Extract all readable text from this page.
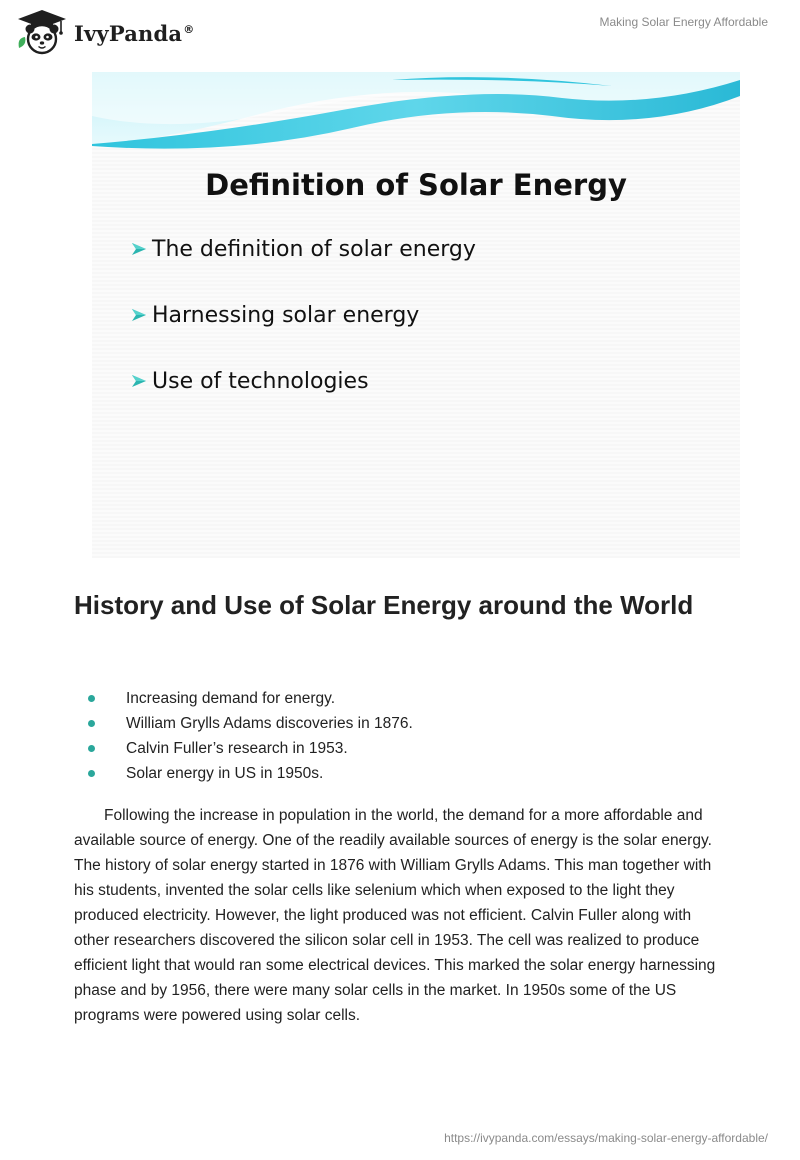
IvyPanda®	Making Solar Energy Affordable
Definition of Solar Energy
The definition of solar energy
Harnessing solar energy
Use of technologies
History and Use of Solar Energy around the World
Increasing demand for energy.
William Grylls Adams discoveries in 1876.
Calvin Fuller’s research in 1953.
Solar energy in US in 1950s.

Following the increase in population in the world, the demand for a more affordable and available source of energy. One of the readily available sources of energy is the solar energy. The history of solar energy started in 1876 with William Grylls Adams. This man together with his students, invented the solar cells like selenium which when exposed to the light they produced electricity. However, the light produced was not efficient. Calvin Fuller along with other researchers discovered the silicon solar cell in 1953. The cell was realized to produce efficient light that would ran some electrical devices. This marked the solar energy harnessing phase and by 1956, there were many solar cells in the market. In 1950s some of the US programs were powered using solar cells.

https://ivypanda.com/essays/making-solar-energy-affordable/
